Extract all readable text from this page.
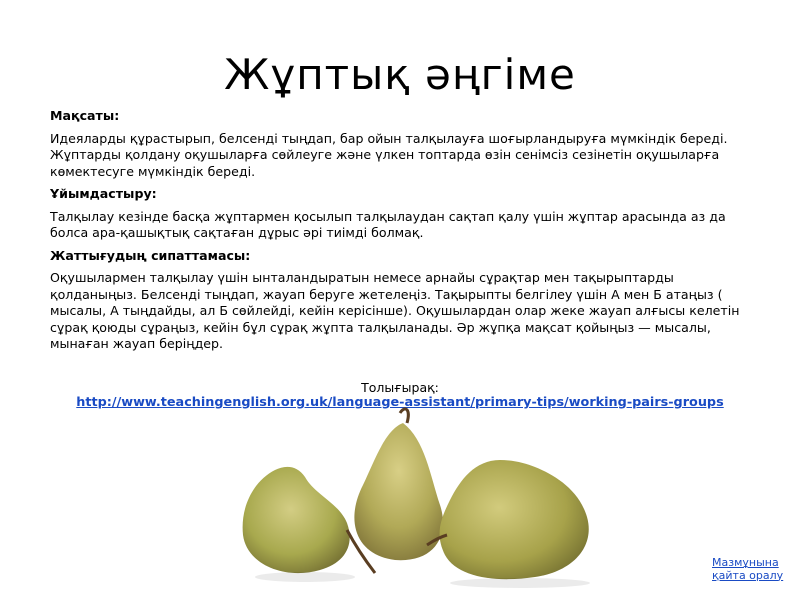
Жұптық әңгіме
Мақсаты:
Идеяларды құрастырып, белсенді тыңдап, бар ойын талқылауға шоғырландыруға мүмкіндік береді. Жұптарды қолдану оқушыларға сөйлеуге және үлкен топтарда өзін сенімсіз сезінетін оқушыларға көмектесуге мүмкіндік береді.
Ұйымдастыру:
Талқылау кезінде басқа жұптармен қосылып талқылаудан сақтап қалу үшін жұптар арасында аз да болса ара-қашықтық сақтаған дұрыс әрі тиімді болмақ.
Жаттығудың сипаттамасы:
Оқушылармен талқылау үшін ынталандыратын немесе арнайы сұрақтар мен тақырыптарды қолданыңыз. Белсенді тыңдап, жауап беруге жетелеңіз. Тақырыпты белгілеу үшін А мен Б атаңыз ( мысалы, А тыңдайды, ал Б сөйлейді, кейін керісінше). Оқушылардан олар жеке жауап алғысы келетін сұрақ қоюды сұраңыз, кейін бұл сұрақ жұпта талқыланады. Әр жұпқа мақсат қойыңыз — мысалы, мынаған жауап беріңдер.
Толығырақ:
http://www.teachingenglish.org.uk/language-assistant/primary-tips/working-pairs-groups
Мазмұнына қайта оралу
